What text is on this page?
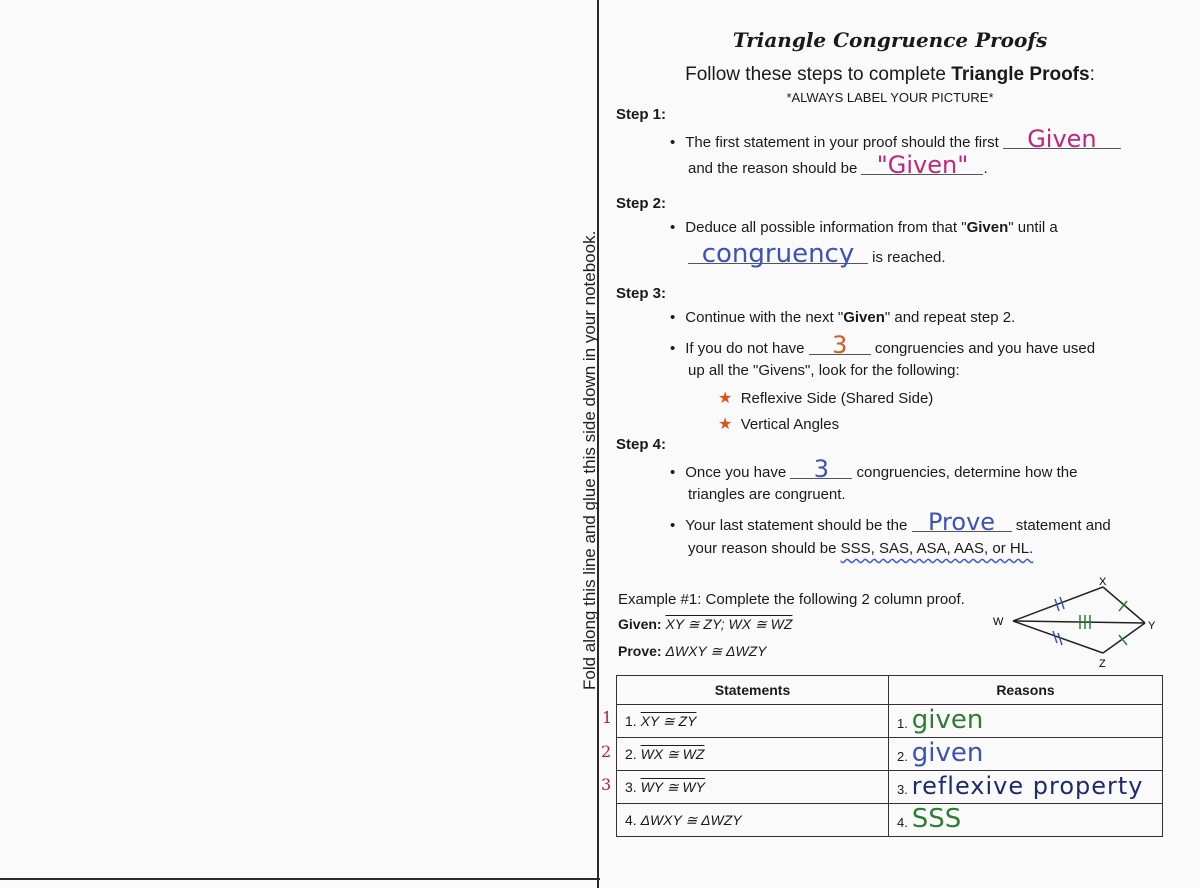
Fold along this line and glue this side down in your notebook.
Triangle Congruence Proofs
Follow these steps to complete Triangle Proofs:
*ALWAYS LABEL YOUR PICTURE*
Step 1:
• The first statement in your proof should the first Given
and the reason should be "Given" .
Step 2:
• Deduce all possible information from that "Given" until a
congruency is reached.
Step 3:
• Continue with the next "Given" and repeat step 2.
• If you do not have 3 congruencies and you have used
up all the "Givens", look for the following:
★ Reflexive Side (Shared Side)
★ Vertical Angles
Step 4:
• Once you have 3 congruencies, determine how the
triangles are congruent.
• Your last statement should be the Prove statement and
your reason should be SSS, SAS, ASA, AAS, or HL.
Example #1: Complete the following 2 column proof.
Given: XY ≅ ZY; WX ≅ WZ
Prove: ΔWXY ≅ ΔWZY
X
W	Y
Z
1
2
3
Statements	Reasons
1. XY ≅ ZY	1. given
2. WX ≅ WZ	2. given
3. WY ≅ WY	3. reflexive property
4. ΔWXY ≅ ΔWZY	4. SSS
